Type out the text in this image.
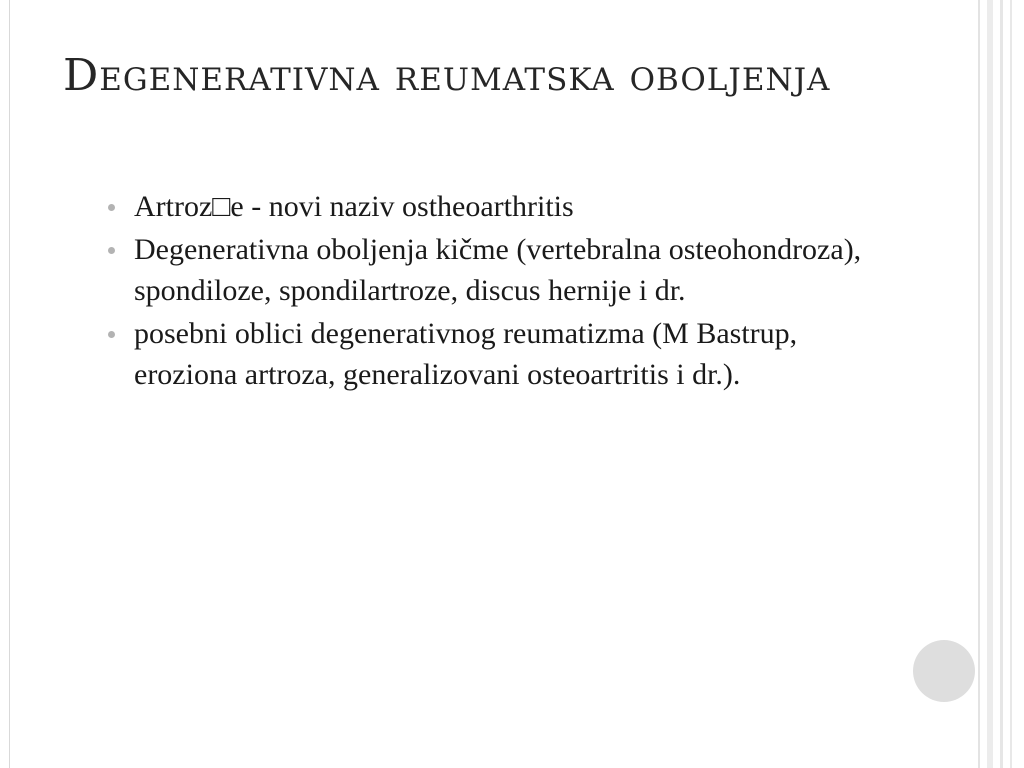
Degenerativna reumatska oboljenja
Artroz□e - novi naziv ostheoarthritis
Degenerativna oboljenja kičme (vertebralna osteohondroza), spondiloze, spondilartroze, discus hernije i dr.
posebni oblici degenerativnog reumatizma (M Bastrup, eroziona artroza, generalizovani osteoartritis i dr.).
